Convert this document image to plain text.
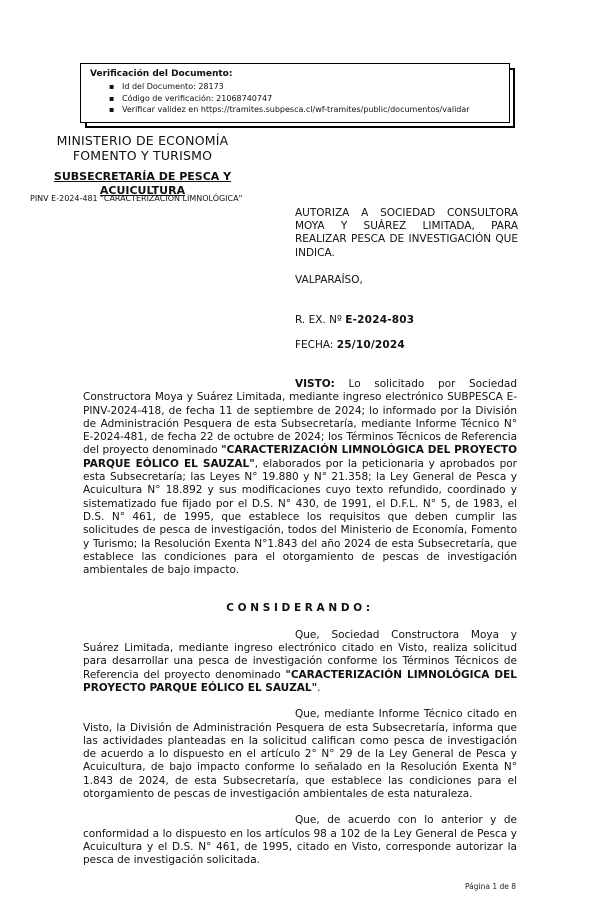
Verificación del Documento:
▪ Id del Documento: 28173
▪ Código de verificación: 21068740747
▪ Verificar validez en https://tramites.subpesca.cl/wf-tramites/public/documentos/validar
MINISTERIO DE ECONOMÍA
FOMENTO Y TURISMO
SUBSECRETARÍA DE PESCA Y ACUICULTURA
PINV E-2024-481 "CARACTERIZACIÓN LIMNOLÓGICA"

AUTORIZA A SOCIEDAD CONSULTORA MOYA Y SUÁREZ LIMITADA, PARA REALIZAR PESCA DE INVESTIGACIÓN QUE INDICA.

VALPARAÍSO,

R. EX. Nº E-2024-803

FECHA: 25/10/2024

VISTO: Lo solicitado por Sociedad Constructora Moya y Suárez Limitada, mediante ingreso electrónico SUBPESCA E-PINV-2024-418, de fecha 11 de septiembre de 2024; lo informado por la División de Administración Pesquera de esta Subsecretaría, mediante Informe Técnico N° E-2024-481, de fecha 22 de octubre de 2024; los Términos Técnicos de Referencia del proyecto denominado "CARACTERIZACIÓN LIMNOLÓGICA DEL PROYECTO PARQUE EÓLICO EL SAUZAL", elaborados por la peticionaria y aprobados por esta Subsecretaría; las Leyes N° 19.880 y N° 21.358; la Ley General de Pesca y Acuicultura N° 18.892 y sus modificaciones cuyo texto refundido, coordinado y sistematizado fue fijado por el D.S. N° 430, de 1991, el D.F.L. N° 5, de 1983, el D.S. N° 461, de 1995, que establece los requisitos que deben cumplir las solicitudes de pesca de investigación, todos del Ministerio de Economía, Fomento y Turismo; la Resolución Exenta N°1.843 del año 2024 de esta Subsecretaría, que establece las condiciones para el otorgamiento de pescas de investigación ambientales de bajo impacto.

CONSIDERANDO:

Que, Sociedad Constructora Moya y Suárez Limitada, mediante ingreso electrónico citado en Visto, realiza solicitud para desarrollar una pesca de investigación conforme los Términos Técnicos de Referencia del proyecto denominado "CARACTERIZACIÓN LIMNOLÓGICA DEL PROYECTO PARQUE EÓLICO EL SAUZAL".

Que, mediante Informe Técnico citado en Visto, la División de Administración Pesquera de esta Subsecretaría, informa que las actividades planteadas en la solicitud califican como pesca de investigación de acuerdo a lo dispuesto en el artículo 2° N° 29 de la Ley General de Pesca y Acuicultura, de bajo impacto conforme lo señalado en la Resolución Exenta N° 1.843 de 2024, de esta Subsecretaría, que establece las condiciones para el otorgamiento de pescas de investigación ambientales de esta naturaleza.

Que, de acuerdo con lo anterior y de conformidad a lo dispuesto en los artículos 98 a 102 de la Ley General de Pesca y Acuicultura y el D.S. N° 461, de 1995, citado en Visto, corresponde autorizar la pesca de investigación solicitada.

Página 1 de 8
